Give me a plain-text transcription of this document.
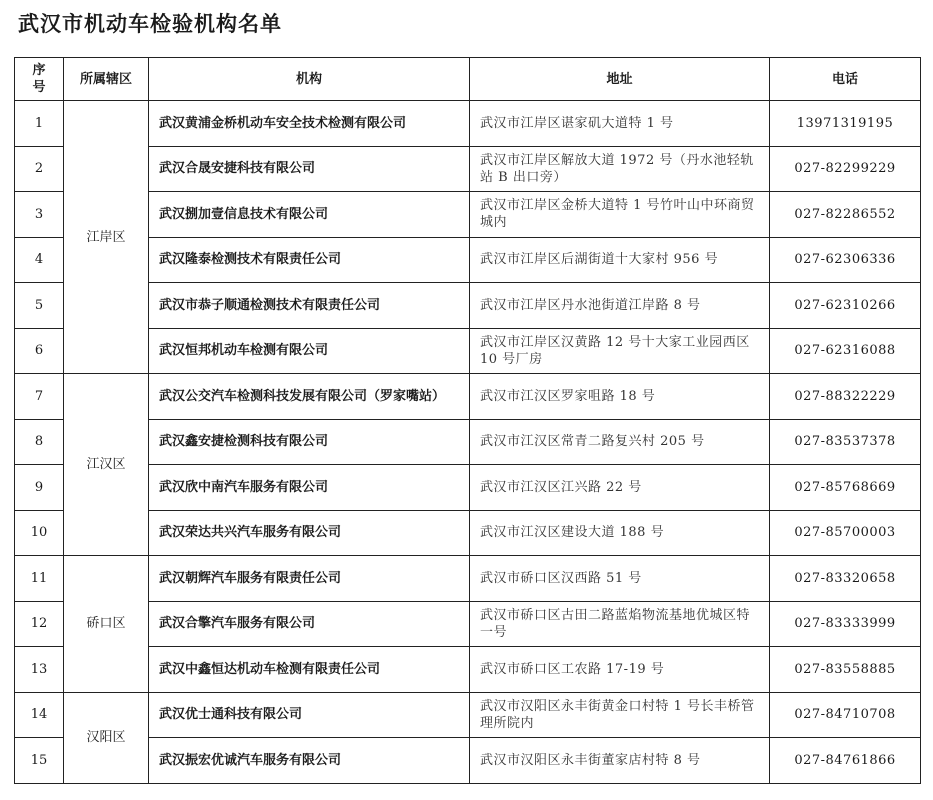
武汉市机动车检验机构名单
序号	所属辖区	机构	地址	电话
1	江岸区	武汉黄浦金桥机动车安全技术检测有限公司	武汉市江岸区谌家矶大道特 1 号	13971319195
2		武汉合晟安捷科技有限公司	武汉市江岸区解放大道 1972 号（丹水池轻轨站 B 出口旁）	027-82299229
3		武汉捌加壹信息技术有限公司	武汉市江岸区金桥大道特 1 号竹叶山中环商贸城内	027-82286552
4		武汉隆泰检测技术有限责任公司	武汉市江岸区后湖街道十大家村 956 号	027-62306336
5		武汉市恭子顺通检测技术有限责任公司	武汉市江岸区丹水池街道江岸路 8 号	027-62310266
6		武汉恒邦机动车检测有限公司	武汉市江岸区汉黄路 12 号十大家工业园西区 10 号厂房	027-62316088
7	江汉区	武汉公交汽车检测科技发展有限公司（罗家嘴站）	武汉市江汉区罗家咀路 18 号	027-88322229
8		武汉鑫安捷检测科技有限公司	武汉市江汉区常青二路复兴村 205 号	027-83537378
9		武汉欣中南汽车服务有限公司	武汉市江汉区江兴路 22 号	027-85768669
10		武汉荣达共兴汽车服务有限公司	武汉市江汉区建设大道 188 号	027-85700003
11	硚口区	武汉朝辉汽车服务有限责任公司	武汉市硚口区汉西路 51 号	027-83320658
12		武汉合擎汽车服务有限公司	武汉市硚口区古田二路蓝焰物流基地优城区特一号	027-83333999
13		武汉中鑫恒达机动车检测有限责任公司	武汉市硚口区工农路 17-19 号	027-83558885
14	汉阳区	武汉优士通科技有限公司	武汉市汉阳区永丰街黄金口村特 1 号长丰桥管理所院内	027-84710708
15		武汉振宏优诚汽车服务有限公司	武汉市汉阳区永丰街董家店村特 8 号	027-84761866
